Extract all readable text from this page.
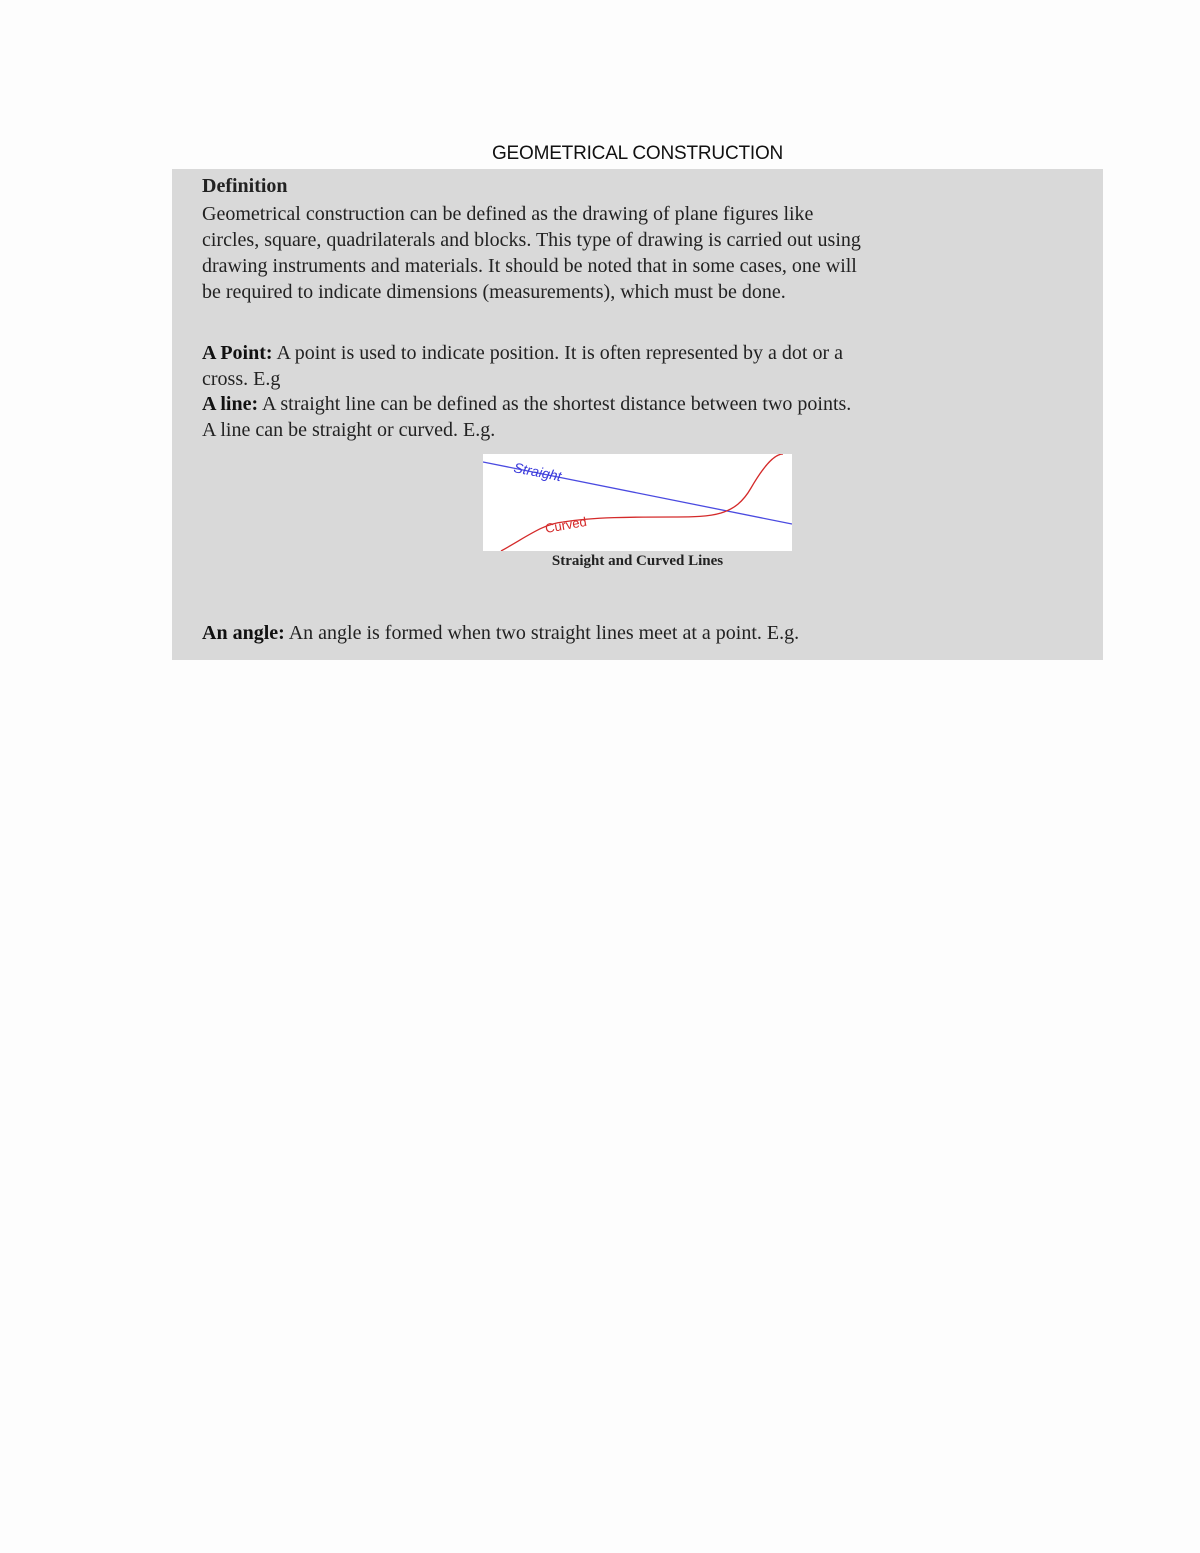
GEOMETRICAL CONSTRUCTION
Definition
Geometrical construction can be defined as the drawing of plane figures like
circles, square, quadrilaterals and blocks. This type of drawing is carried out using
drawing instruments and materials. It should be noted that in some cases, one will
be required to indicate dimensions (measurements), which must be done.
A Point: A point is used to indicate position. It is often represented by a dot or a
cross. E.g
A line: A straight line can be defined as the shortest distance between two points.
A line can be straight or curved. E.g.
Straight
Curved
Straight and Curved Lines
An angle: An angle is formed when two straight lines meet at a point. E.g.
